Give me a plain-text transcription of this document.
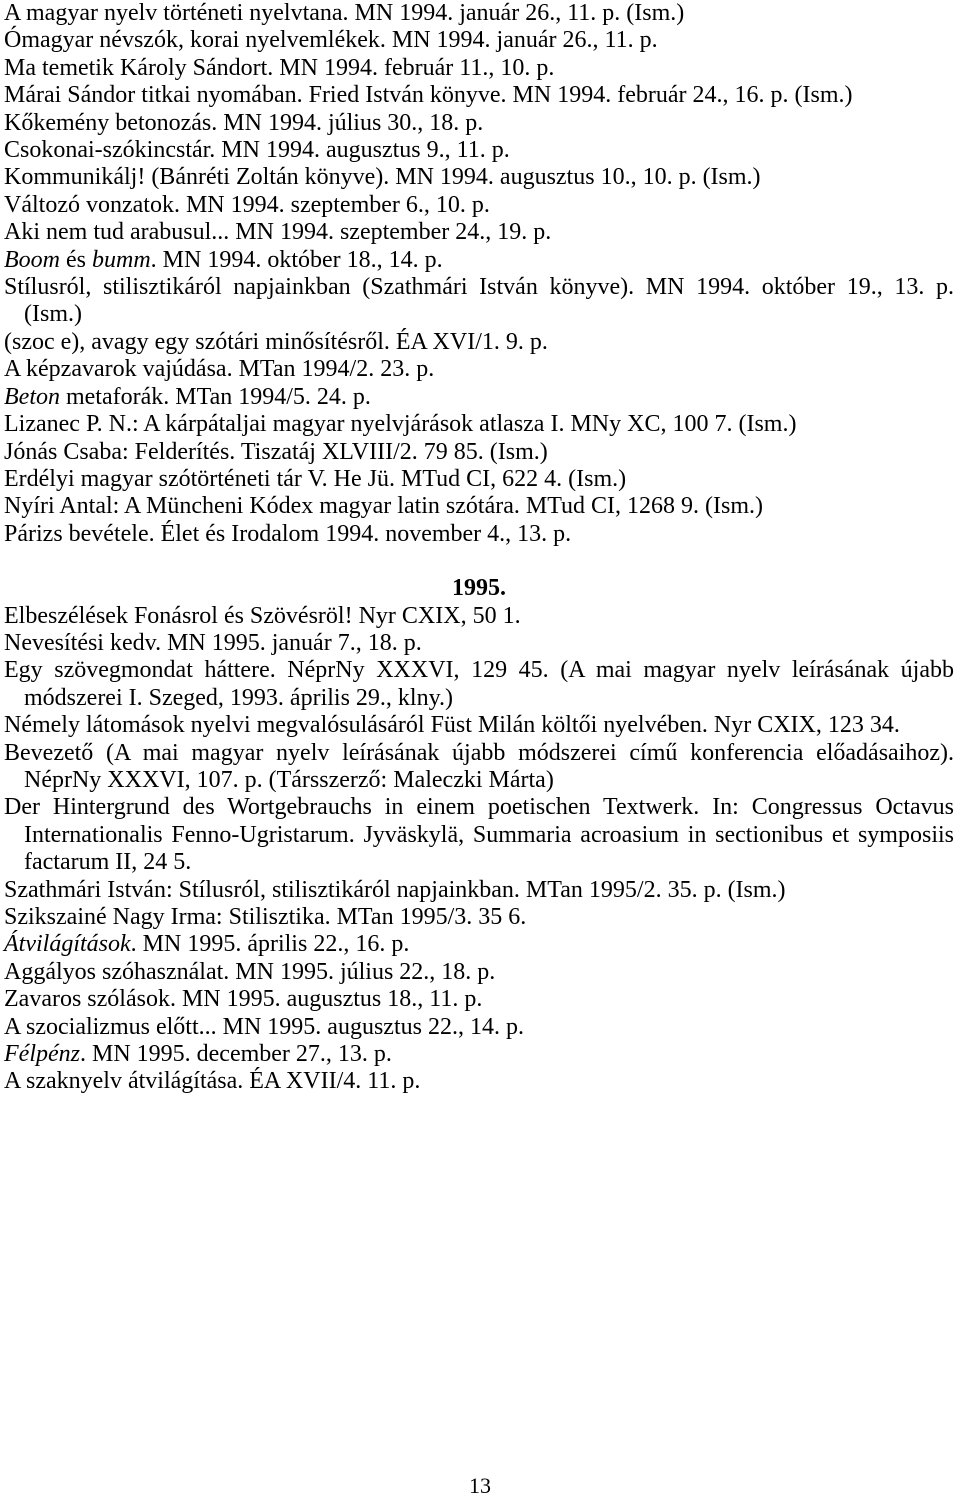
A magyar nyelv történeti nyelvtana. MN 1994. január 26., 11. p. (Ism.)

Ómagyar névszók, korai nyelvemlékek. MN 1994. január 26., 11. p.

Ma temetik Károly Sándort. MN 1994. február 11., 10. p.

Márai Sándor titkai nyomában. Fried István könyve. MN 1994. február 24., 16. p. (Ism.)

Kőkemény betonozás. MN 1994. július 30., 18. p.

Csokonai-szókincstár. MN 1994. augusztus 9., 11. p.

Kommunikálj! (Bánréti Zoltán könyve). MN 1994. augusztus 10., 10. p. (Ism.)

Változó vonzatok. MN 1994. szeptember 6., 10. p.

Aki nem tud arabusul... MN 1994. szeptember 24., 19. p.

Boom és bumm. MN 1994. október 18., 14. p.

Stílusról, stilisztikáról napjainkban (Szathmári István könyve). MN 1994. október 19., 13. p. (Ism.)

(szoc e), avagy egy szótári minősítésről. ÉA XVI/1. 9. p.

A képzavarok vajúdása. MTan 1994/2. 23. p.

Beton metaforák. MTan 1994/5. 24. p.

Lizanec P. N.: A kárpátaljai magyar nyelvjárások atlasza I. MNy XC, 100 7. (Ism.)

Jónás Csaba: Felderítés. Tiszatáj XLVIII/2. 79 85. (Ism.)

Erdélyi magyar szótörténeti tár V. He Jü. MTud CI, 622 4. (Ism.)

Nyíri Antal: A Müncheni Kódex magyar latin szótára. MTud CI, 1268 9. (Ism.)

Párizs bevétele. Élet és Irodalom 1994. november 4., 13. p.

1995.

Elbeszélések Fonásrol és Szövésröl! Nyr CXIX, 50 1.

Nevesítési kedv. MN 1995. január 7., 18. p.

Egy szövegmondat háttere. NéprNy XXXVI, 129 45. (A mai magyar nyelv leírásának újabb módszerei I. Szeged, 1993. április 29., klny.)

Némely látomások nyelvi megvalósulásáról Füst Milán költői nyelvében. Nyr CXIX, 123 34.

Bevezető (A mai magyar nyelv leírásának újabb módszerei című konferencia előadásaihoz). NéprNy XXXVI, 107. p. (Társszerző: Maleczki Márta)

Der Hintergrund des Wortgebrauchs in einem poetischen Textwerk. In: Congressus Octavus Internationalis Fenno-Ugristarum. Jyväskylä, Summaria acroasium in sectionibus et symposiis factarum II, 24 5.

Szathmári István: Stílusról, stilisztikáról napjainkban. MTan 1995/2. 35. p. (Ism.)

Szikszainé Nagy Irma: Stilisztika. MTan 1995/3. 35 6.

Átvilágítások. MN 1995. április 22., 16. p.

Aggályos szóhasználat. MN 1995. július 22., 18. p.

Zavaros szólások. MN 1995. augusztus 18., 11. p.

A szocializmus előtt... MN 1995. augusztus 22., 14. p.

Félpénz. MN 1995. december 27., 13. p.

A szaknyelv átvilágítása. ÉA XVII/4. 11. p.

13
